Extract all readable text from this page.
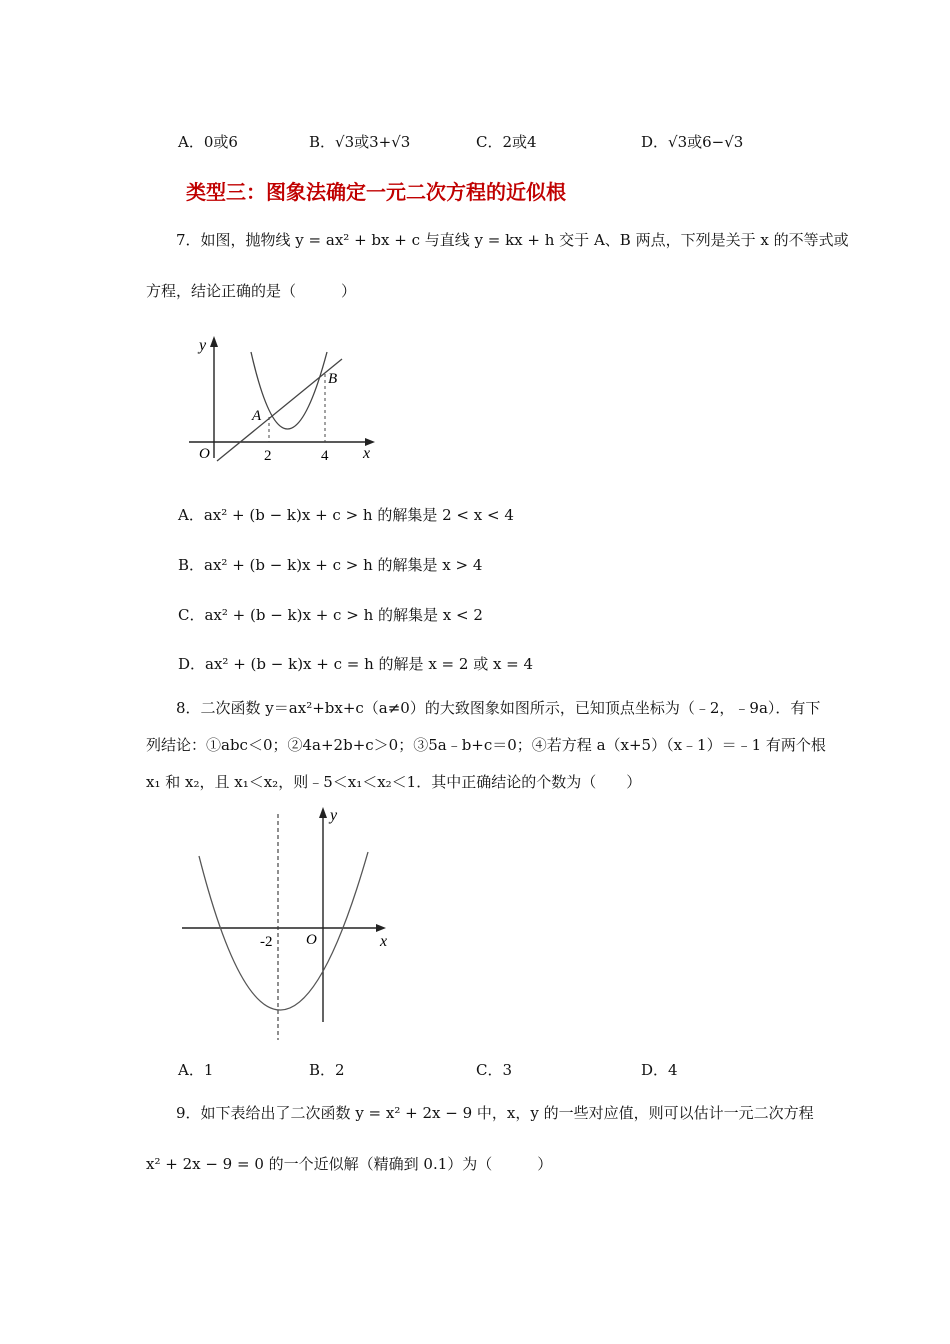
A．0或6	B．√3或3+√3	C．2或4	D．√3或6−√3
类型三：图象法确定一元二次方程的近似根
7．如图，抛物线 y = ax² + bx + c 与直线 y = kx + h 交于 A、B 两点，下列是关于 x 的不等式或
方程，结论正确的是（　　　）
y
x
O	2	4
A
B
A．ax² + (b − k)x + c > h 的解集是 2 < x < 4
B．ax² + (b − k)x + c > h 的解集是 x > 4
C．ax² + (b − k)x + c > h 的解集是 x < 2
D．ax² + (b − k)x + c = h 的解是 x = 2 或 x = 4
8．二次函数 y＝ax²+bx+c（a≠0）的大致图象如图所示，已知顶点坐标为（﹣2，﹣9a）．有下
列结论：①abc＜0；②4a+2b+c＞0；③5a﹣b+c＝0；④若方程 a（x+5）（x﹣1）＝﹣1 有两个根
x₁ 和 x₂，且 x₁＜x₂，则﹣5＜x₁＜x₂＜1．其中正确结论的个数为（　　）
y
x
O
-2
A．1	B．2	C．3	D．4
9．如下表给出了二次函数 y = x² + 2x − 9 中，x，y 的一些对应值，则可以估计一元二次方程
x² + 2x − 9 = 0 的一个近似解（精确到 0.1）为（　　　）
